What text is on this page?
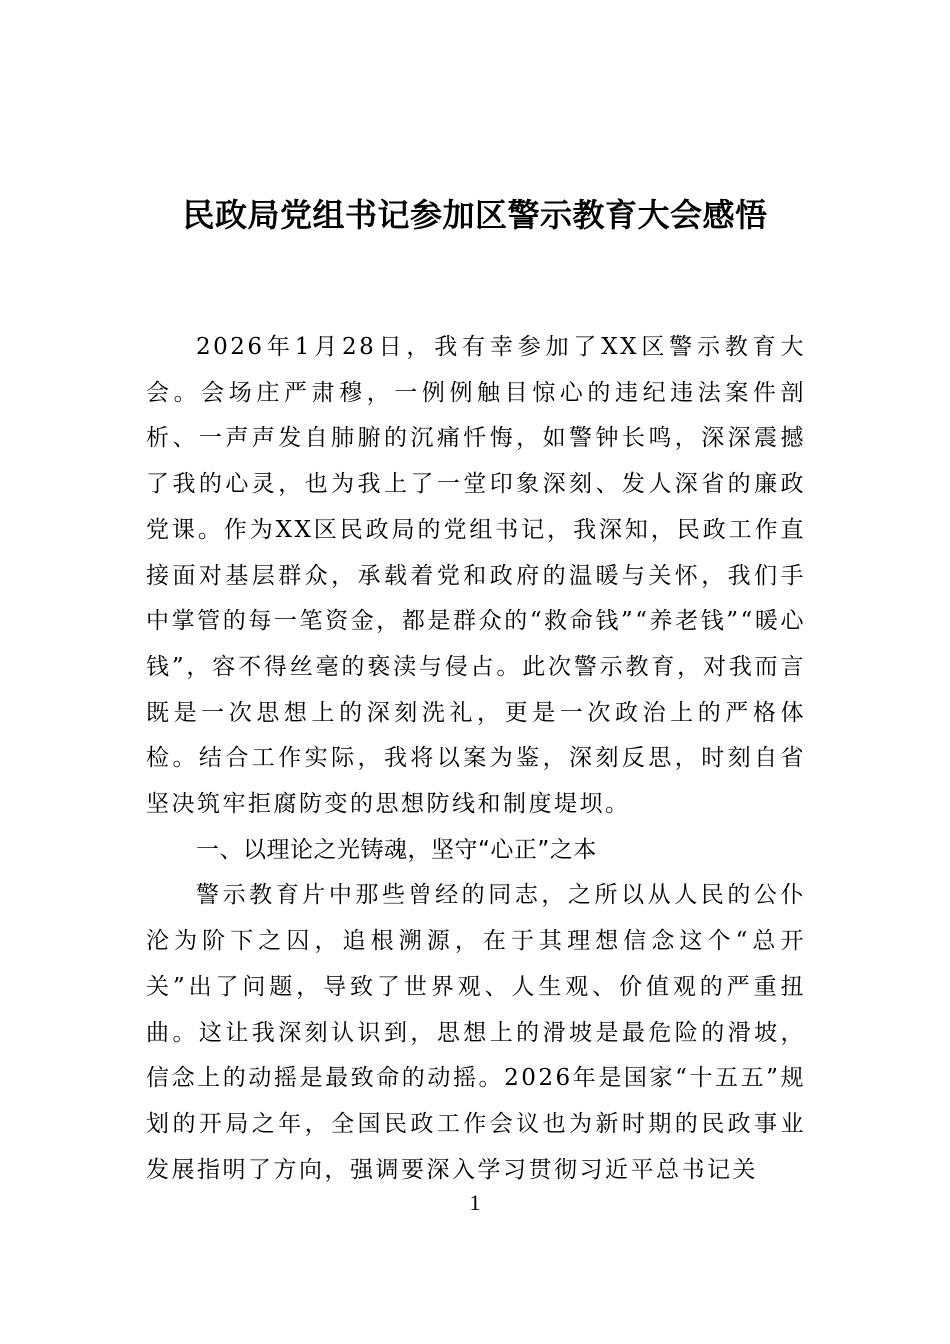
民政局党组书记参加区警示教育大会感悟

2026年1月28日，我有幸参加了XX区警示教育大会。会场庄严肃穆，一例例触目惊心的违纪违法案件剖析、一声声发自肺腑的沉痛忏悔，如警钟长鸣，深深震撼了我的心灵，也为我上了一堂印象深刻、发人深省的廉政党课。作为XX区民政局的党组书记，我深知，民政工作直接面对基层群众，承载着党和政府的温暖与关怀，我们手中掌管的每一笔资金，都是群众的“救命钱”“养老钱”“暖心钱”，容不得丝毫的亵渎与侵占。此次警示教育，对我而言既是一次思想上的深刻洗礼，更是一次政治上的严格体检。结合工作实际，我将以案为鉴，深刻反思，时刻自省坚决筑牢拒腐防变的思想防线和制度堤坝。

一、以理论之光铸魂，坚守“心正”之本

警示教育片中那些曾经的同志，之所以从人民的公仆沦为阶下之囚，追根溯源，在于其理想信念这个“总开关”出了问题，导致了世界观、人生观、价值观的严重扭曲。这让我深刻认识到，思想上的滑坡是最危险的滑坡，信念上的动摇是最致命的动摇。2026年是国家“十五五”规划的开局之年，全国民政工作会议也为新时期的民政事业发展指明了方向，强调要深入学习贯彻习近平总书记关

1
